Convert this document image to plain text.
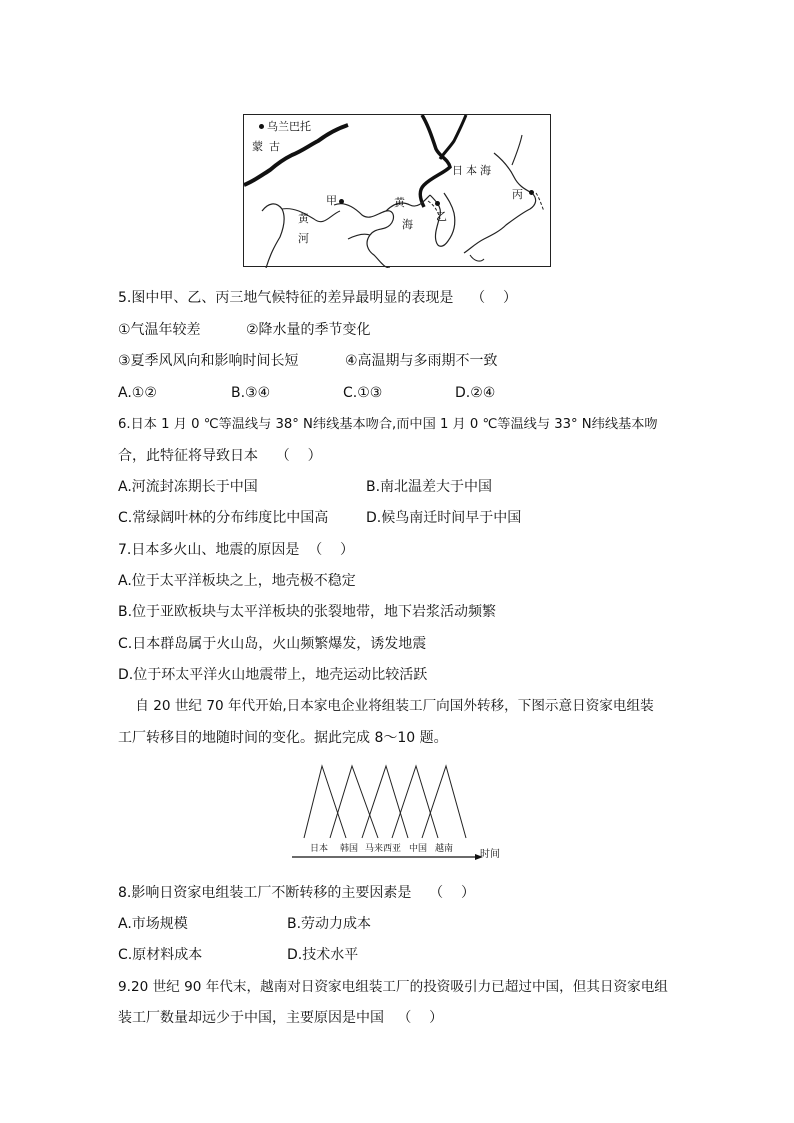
乌兰巴托
蒙古
日 本 海
甲	黄
海
黄
河
乙
丙
5.图中甲、乙、丙三地气候特征的差异最明显的表现是    （    ）
①气温年较差	②降水量的季节变化
③夏季风风向和影响时间长短	④高温期与多雨期不一致
A.①②	B.③④	C.①③	D.②④
6.日本 1 月 0 ℃等温线与 38° N纬线基本吻合,而中国 1 月 0 ℃等温线与 33° N纬线基本吻
合，此特征将导致日本    （    ）
A.河流封冻期长于中国	B.南北温差大于中国
C.常绿阔叶林的分布纬度比中国高	D.候鸟南迁时间早于中国
7.日本多火山、地震的原因是  （    ）
A.位于太平洋板块之上，地壳极不稳定
B.位于亚欧板块与太平洋板块的张裂地带，地下岩浆活动频繁
C.日本群岛属于火山岛，火山频繁爆发，诱发地震
D.位于环太平洋火山地震带上，地壳运动比较活跃
自 20 世纪 70 年代开始,日本家电企业将组装工厂向国外转移，下图示意日资家电组装
工厂转移目的地随时间的变化。据此完成 8～10 题。
日本 韩国 马来西亚 中国 越南	时间
8.影响日资家电组装工厂不断转移的主要因素是    （    ）
A.市场规模	B.劳动力成本
C.原材料成本	D.技术水平
9.20 世纪 90 年代末，越南对日资家电组装工厂的投资吸引力已超过中国，但其日资家电组
装工厂数量却远少于中国，主要原因是中国   （    ）
